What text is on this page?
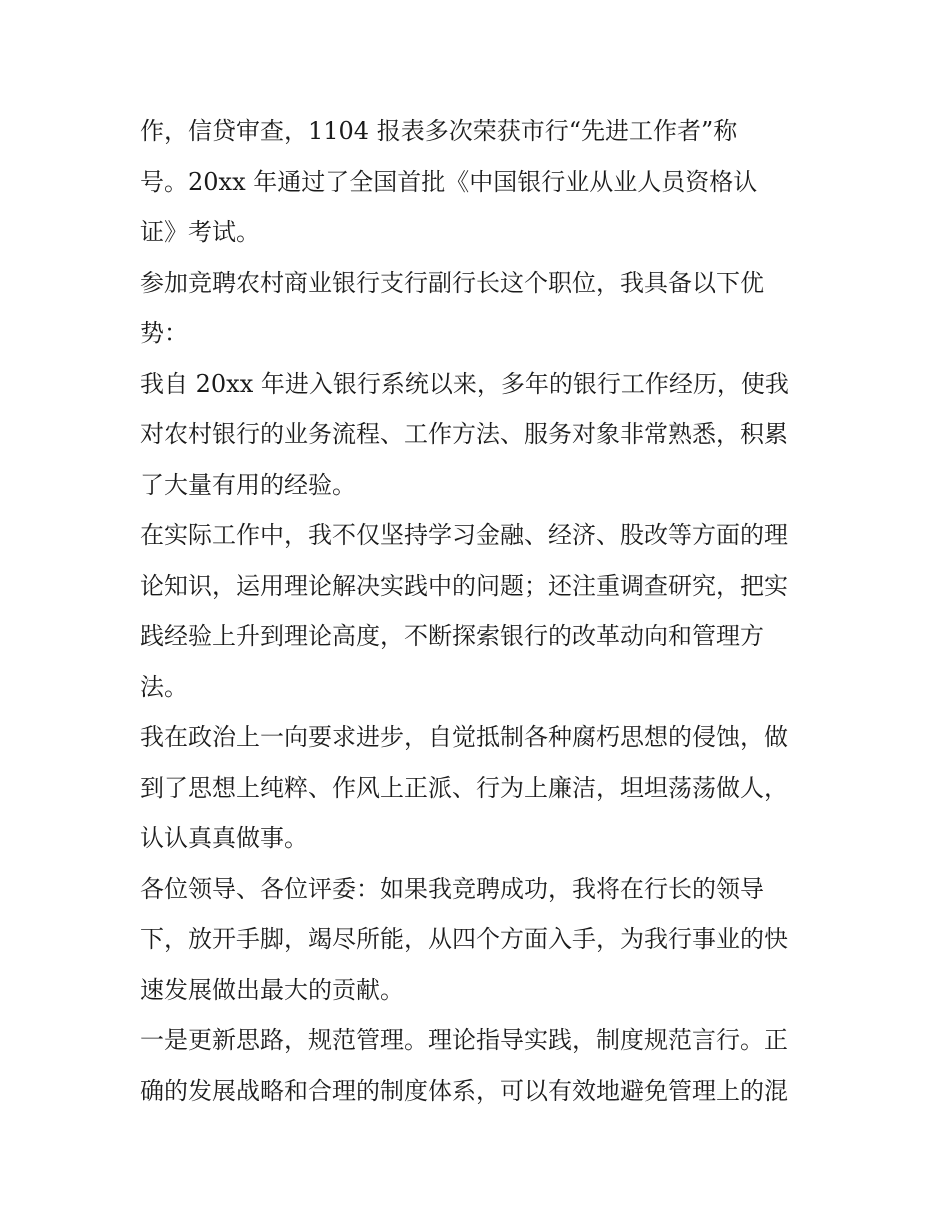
作，信贷审查，1104 报表多次荣获市行“先进工作者”称
号。20xx 年通过了全国首批《中国银行业从业人员资格认
证》考试。
参加竞聘农村商业银行支行副行长这个职位，我具备以下优
势：
我自 20xx 年进入银行系统以来，多年的银行工作经历，使我
对农村银行的业务流程、工作方法、服务对象非常熟悉，积累
了大量有用的经验。
在实际工作中，我不仅坚持学习金融、经济、股改等方面的理
论知识，运用理论解决实践中的问题；还注重调查研究，把实
践经验上升到理论高度，不断探索银行的改革动向和管理方
法。
我在政治上一向要求进步，自觉抵制各种腐朽思想的侵蚀，做
到了思想上纯粹、作风上正派、行为上廉洁，坦坦荡荡做人，
认认真真做事。
各位领导、各位评委：如果我竞聘成功，我将在行长的领导
下，放开手脚，竭尽所能，从四个方面入手，为我行事业的快
速发展做出最大的贡献。
一是更新思路，规范管理。理论指导实践，制度规范言行。正
确的发展战略和合理的制度体系，可以有效地避免管理上的混
